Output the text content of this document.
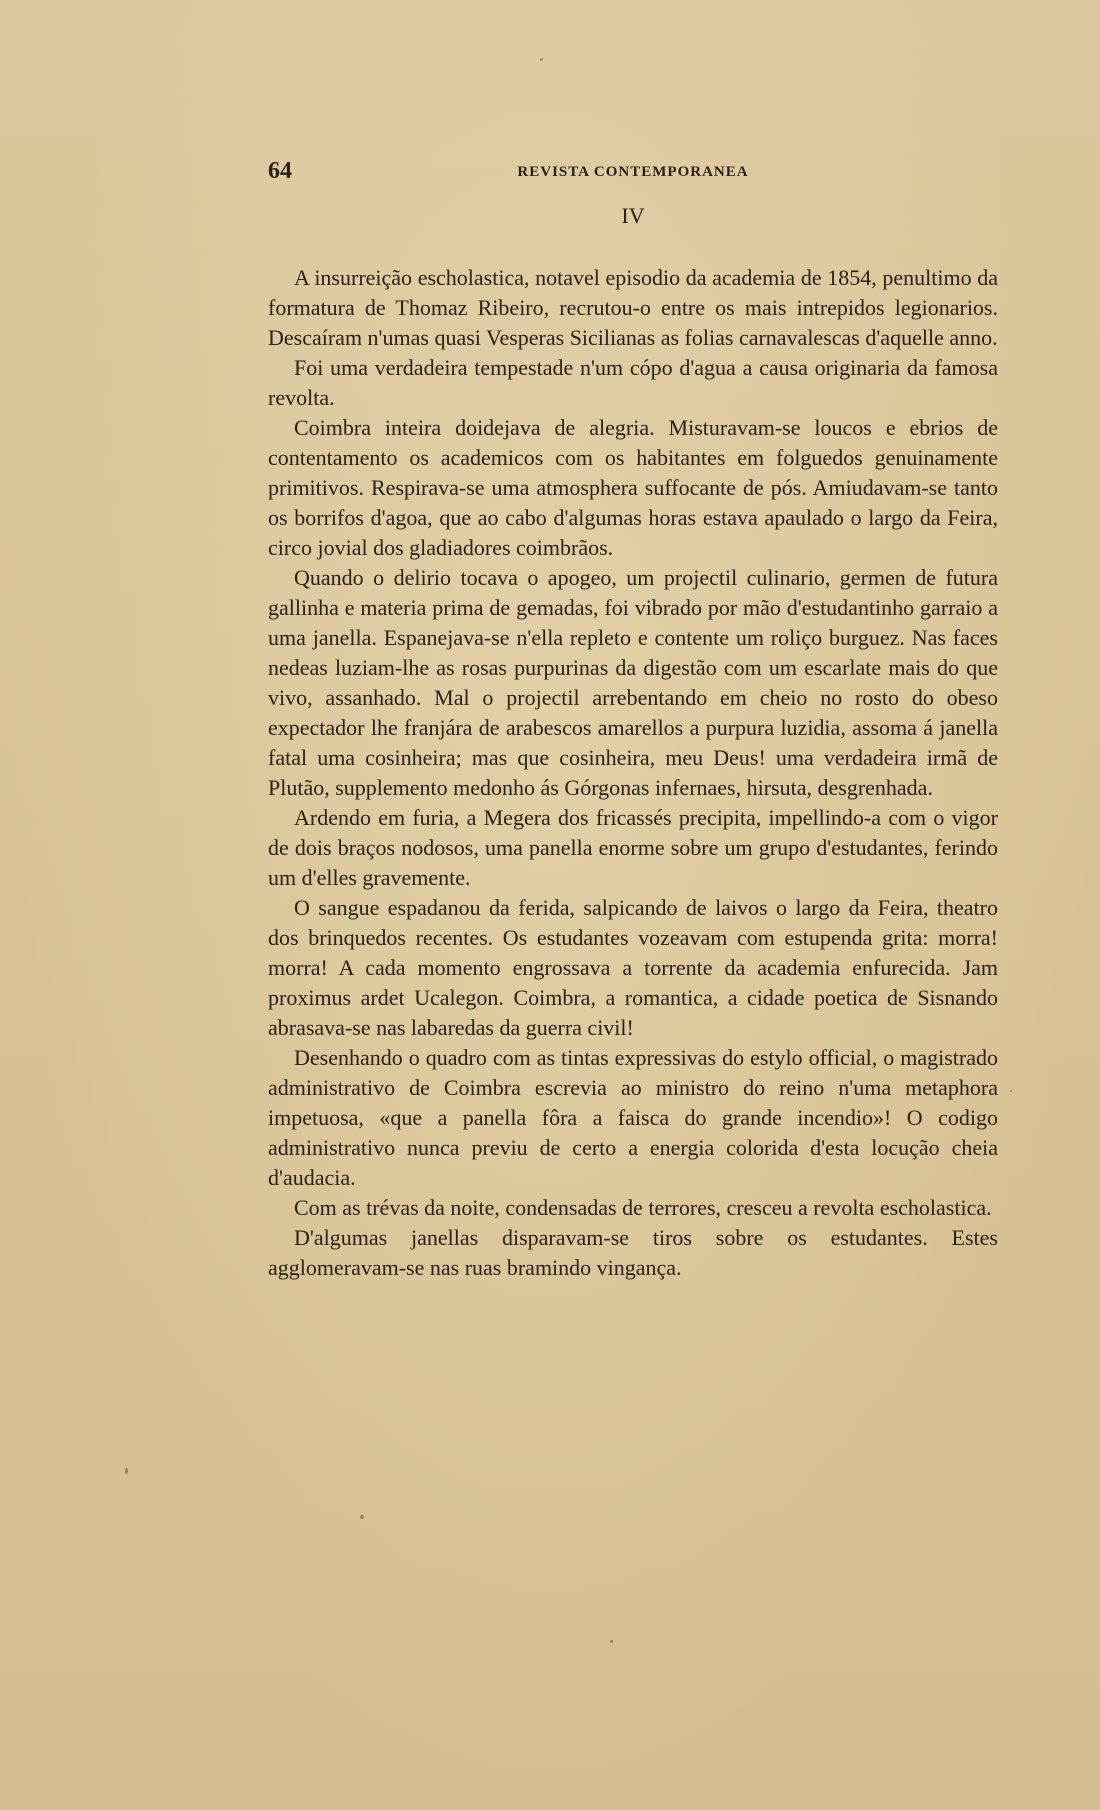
64	REVISTA CONTEMPORANEA
IV

A insurreição escholastica, notavel episodio da academia de 1854, penultimo da formatura de Thomaz Ribeiro, recrutou-o entre os mais intrepidos legionarios. Descaíram n'umas quasi Vesperas Sicilianas as folias carnavalescas d'aquelle anno.

Foi uma verdadeira tempestade n'um cópo d'agua a causa originaria da famosa revolta.

Coimbra inteira doidejava de alegria. Misturavam-se loucos e ebrios de contentamento os academicos com os habitantes em folguedos genuinamente primitivos. Respirava-se uma atmosphera suffocante de pós. Amiudavam-se tanto os borrifos d'agoa, que ao cabo d'algumas horas estava apaulado o largo da Feira, circo jovial dos gladiadores coimbrãos.

Quando o delirio tocava o apogeo, um projectil culinario, germen de futura gallinha e materia prima de gemadas, foi vibrado por mão d'estudantinho garraio a uma janella. Espanejava-se n'ella repleto e contente um roliço burguez. Nas faces nedeas luziam-lhe as rosas purpurinas da digestão com um escarlate mais do que vivo, assanhado. Mal o projectil arrebentando em cheio no rosto do obeso expectador lhe franjára de arabescos amarellos a purpura luzidia, assoma á janella fatal uma cosinheira; mas que cosinheira, meu Deus! uma verdadeira irmã de Plutão, supplemento medonho ás Górgonas infernaes, hirsuta, desgrenhada.

Ardendo em furia, a Megera dos fricassés precipita, impellindo-a com o vigor de dois braços nodosos, uma panella enorme sobre um grupo d'estudantes, ferindo um d'elles gravemente.

O sangue espadanou da ferida, salpicando de laivos o largo da Feira, theatro dos brinquedos recentes. Os estudantes vozeavam com estupenda grita: morra! morra! A cada momento engrossava a torrente da academia enfurecida. Jam proximus ardet Ucalegon. Coimbra, a romantica, a cidade poetica de Sisnando abrasava-se nas labaredas da guerra civil!

Desenhando o quadro com as tintas expressivas do estylo official, o magistrado administrativo de Coimbra escrevia ao ministro do reino n'uma metaphora impetuosa, «que a panella fôra a faisca do grande incendio»! O codigo administrativo nunca previu de certo a energia colorida d'esta locução cheia d'audacia.

Com as trévas da noite, condensadas de terrores, cresceu a revolta escholastica.

D'algumas janellas disparavam-se tiros sobre os estudantes. Estes agglomeravam-se nas ruas bramindo vingança.
